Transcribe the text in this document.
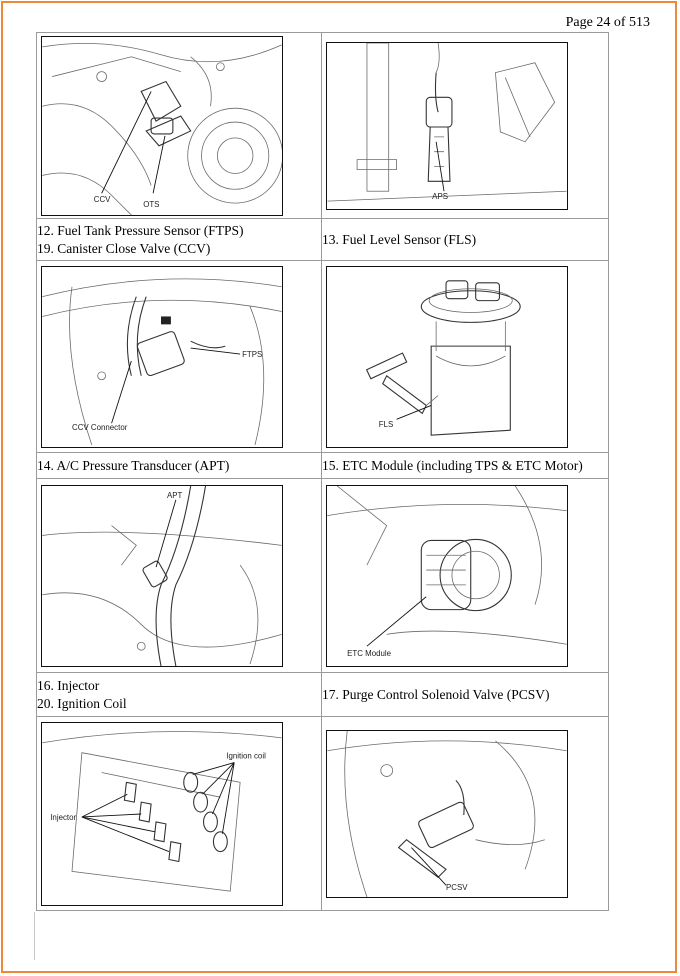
Page 24 of 513
CCV
OTS	APS

12. Fuel Tank Pressure Sensor (FTPS)
19. Canister Close Valve (CCV)	13. Fuel Level Sensor (FLS)

FTPS
CCV Connector	FLS

14. A/C Pressure Transducer (APT)	15. ETC Module (including TPS & ETC Motor)

APT	ETC Module

16. Injector
20. Ignition Coil	17. Purge Control Solenoid Valve (PCSV)

Ignition coil
Injector	PCSV
